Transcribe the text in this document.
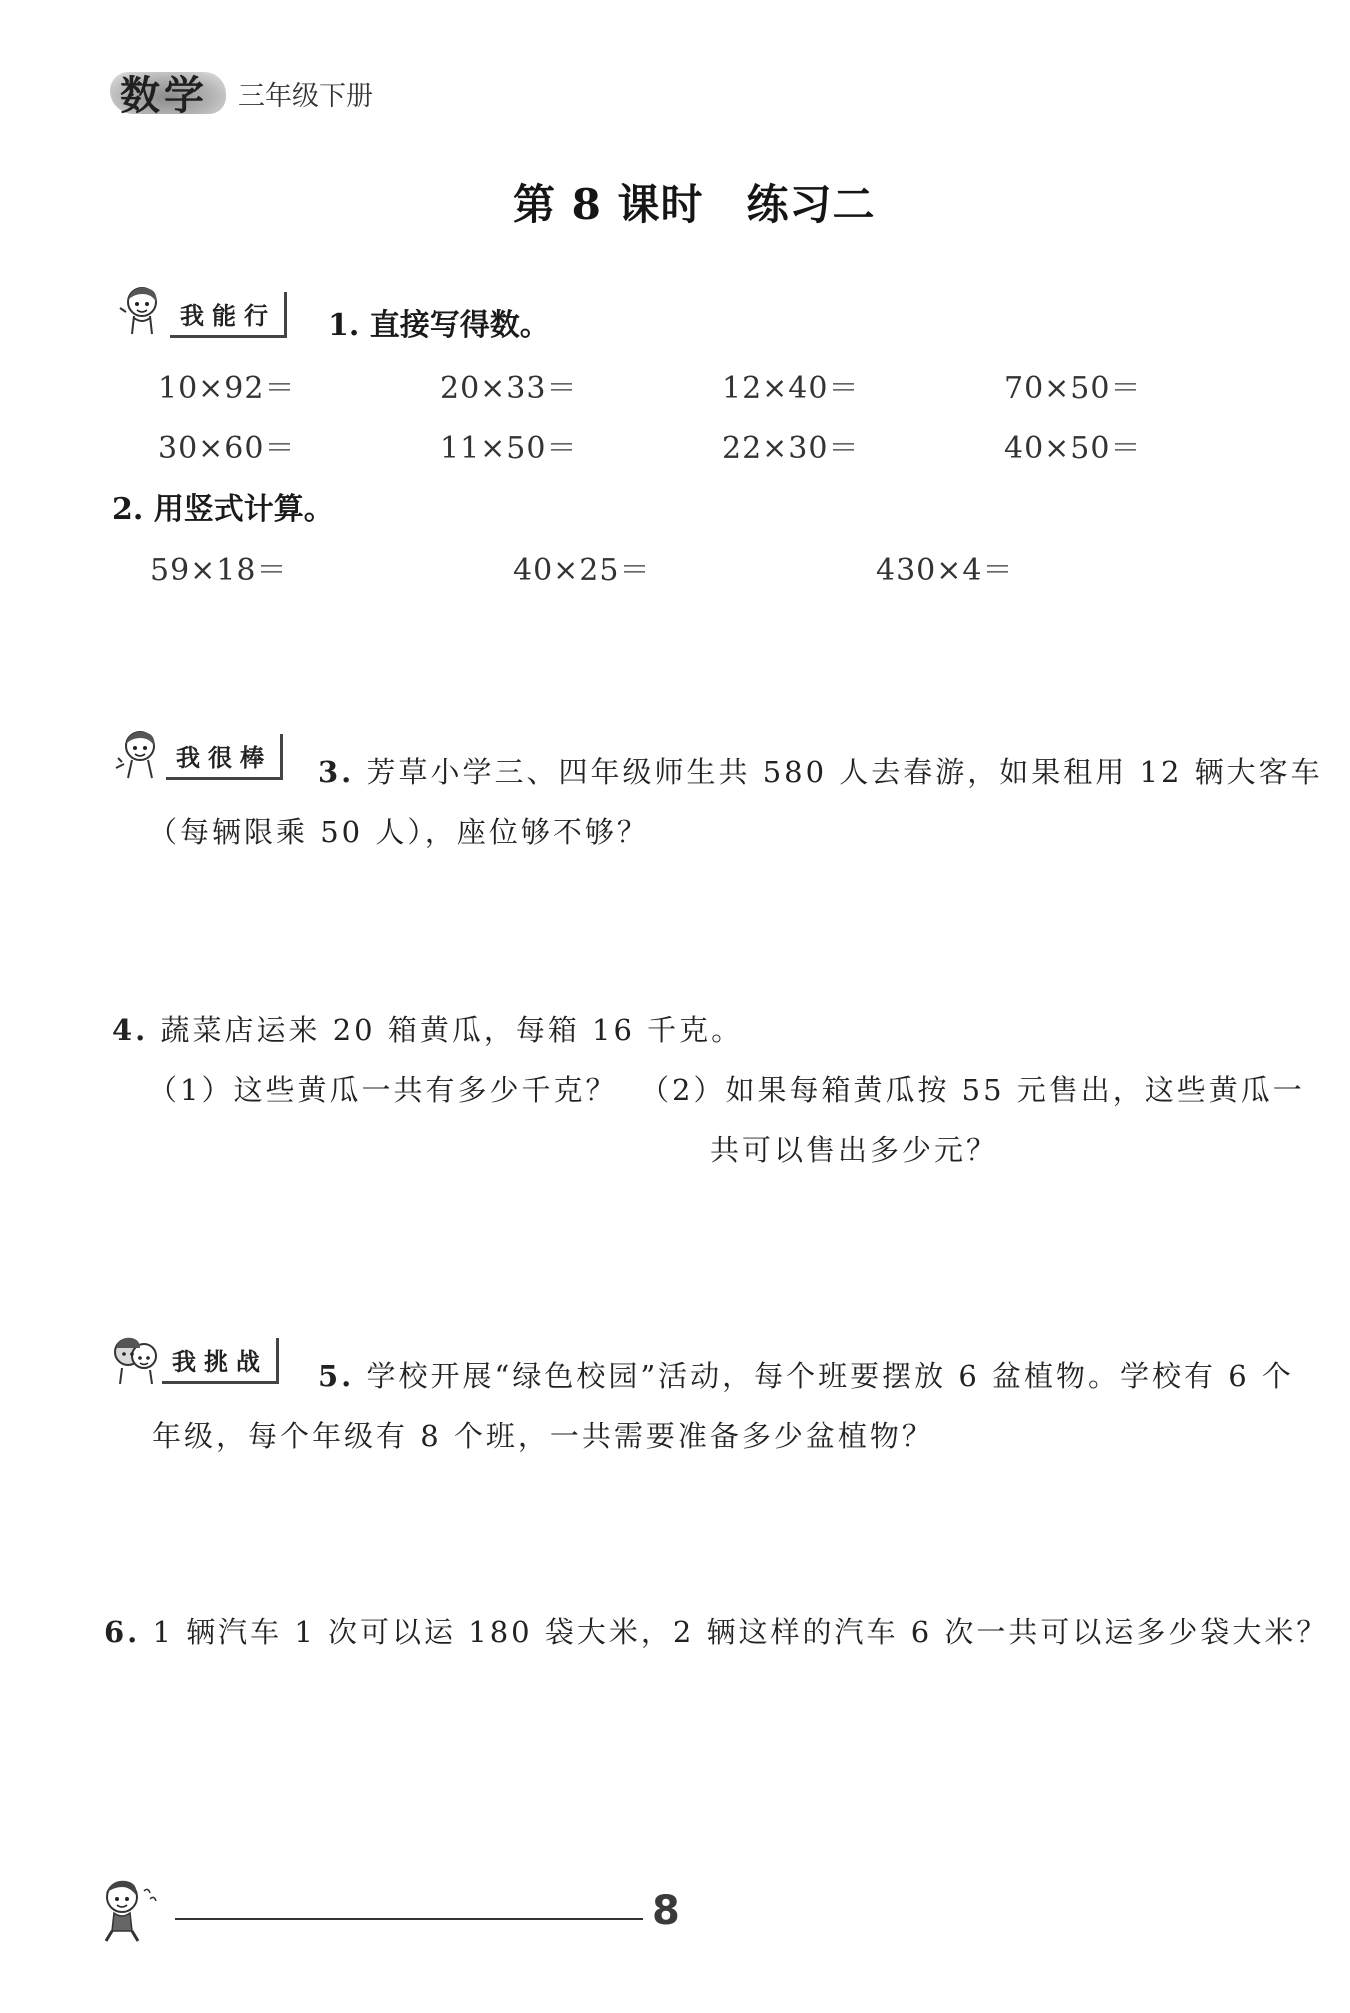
数学 三年级下册
第 8 课时　练习二
我能行	1. 直接写得数。
10×92＝	20×33＝	12×40＝	70×50＝
30×60＝	11×50＝	22×30＝	40×50＝
2. 用竖式计算。
59×18＝	40×25＝	430×4＝
我很棒	3. 芳草小学三、四年级师生共 580 人去春游，如果租用 12 辆大客车
（每辆限乘 50 人），座位够不够？
4. 蔬菜店运来 20 箱黄瓜，每箱 16 千克。
（1）这些黄瓜一共有多少千克？ （2）如果每箱黄瓜按 55 元售出，这些黄瓜一
共可以售出多少元？
我挑战	5. 学校开展“绿色校园”活动，每个班要摆放 6 盆植物。学校有 6 个
年级，每个年级有 8 个班，一共需要准备多少盆植物？
6. 1 辆汽车 1 次可以运 180 袋大米，2 辆这样的汽车 6 次一共可以运多少袋大米？
8
